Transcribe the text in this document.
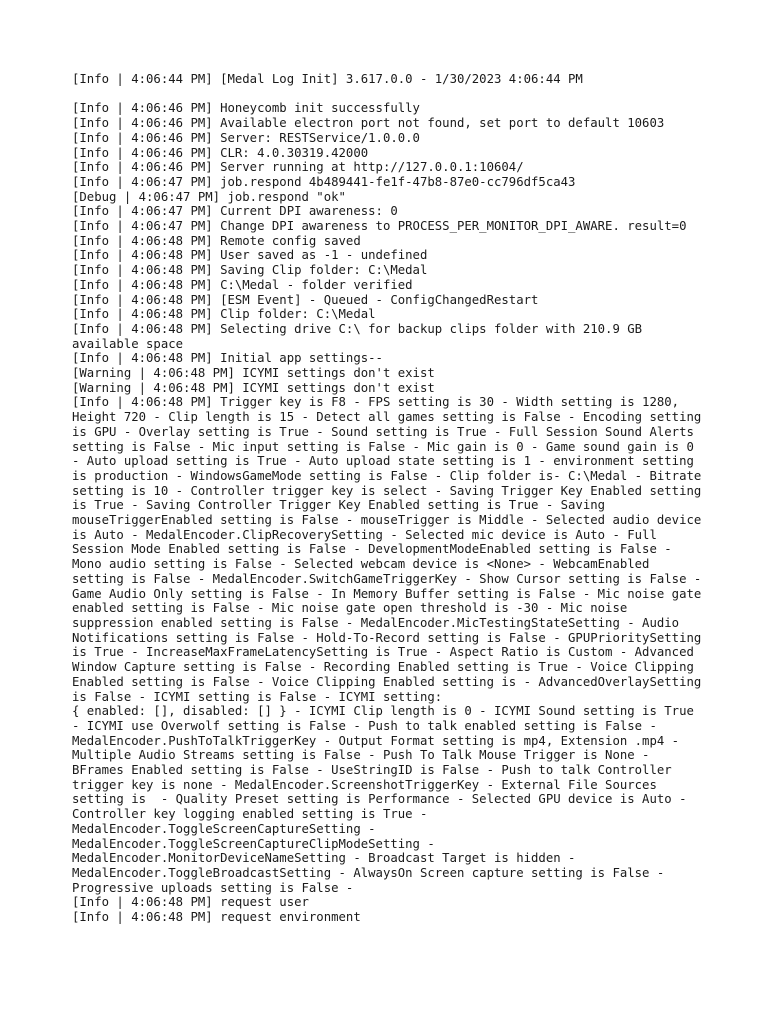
[Info | 4:06:44 PM] [Medal Log Init] 3.617.0.0 - 1/30/2023 4:06:44 PM

[Info | 4:06:46 PM] Honeycomb init successfully

[Info | 4:06:46 PM] Available electron port not found, set port to default 10603

[Info | 4:06:46 PM] Server: RESTService/1.0.0.0

[Info | 4:06:46 PM] CLR: 4.0.30319.42000

[Info | 4:06:46 PM] Server running at http://127.0.0.1:10604/

[Info | 4:06:47 PM] job.respond 4b489441-fe1f-47b8-87e0-cc796df5ca43

[Debug | 4:06:47 PM] job.respond "ok"

[Info | 4:06:47 PM] Current DPI awareness: 0

[Info | 4:06:47 PM] Change DPI awareness to PROCESS_PER_MONITOR_DPI_AWARE. result=0

[Info | 4:06:48 PM] Remote config saved

[Info | 4:06:48 PM] User saved as -1 - undefined

[Info | 4:06:48 PM] Saving Clip folder: C:\Medal

[Info | 4:06:48 PM] C:\Medal - folder verified

[Info | 4:06:48 PM] [ESM Event] - Queued - ConfigChangedRestart

[Info | 4:06:48 PM] Clip folder: C:\Medal

[Info | 4:06:48 PM] Selecting drive C:\ for backup clips folder with 210.9 GB available space

[Info | 4:06:48 PM] Initial app settings--

[Warning | 4:06:48 PM] ICYMI settings don't exist

[Warning | 4:06:48 PM] ICYMI settings don't exist

[Info | 4:06:48 PM] Trigger key is F8 - FPS setting is 30 - Width setting is 1280, Height 720 - Clip length is 15 - Detect all games setting is False - Encoding setting is GPU - Overlay setting is True - Sound setting is True - Full Session Sound Alerts setting is False - Mic input setting is False - Mic gain is 0 - Game sound gain is 0 - Auto upload setting is True - Auto upload state setting is 1 - environment setting is production - WindowsGameMode setting is False - Clip folder is- C:\Medal - Bitrate setting is 10 - Controller trigger key is select - Saving Trigger Key Enabled setting is True - Saving Controller Trigger Key Enabled setting is True - Saving mouseTriggerEnabled setting is False - mouseTrigger is Middle - Selected audio device is Auto - MedalEncoder.ClipRecoverySetting - Selected mic device is Auto - Full Session Mode Enabled setting is False - DevelopmentModeEnabled setting is False - Mono audio setting is False - Selected webcam device is <None> - WebcamEnabled setting is False - MedalEncoder.SwitchGameTriggerKey - Show Cursor setting is False - Game Audio Only setting is False - In Memory Buffer setting is False - Mic noise gate enabled setting is False - Mic noise gate open threshold is -30 - Mic noise suppression enabled setting is False - MedalEncoder.MicTestingStateSetting - Audio Notifications setting is False - Hold-To-Record setting is False - GPUPrioritySetting is True - IncreaseMaxFrameLatencySetting is True - Aspect Ratio is Custom - Advanced Window Capture setting is False - Recording Enabled setting is True - Voice Clipping Enabled setting is False - Voice Clipping Enabled setting is - AdvancedOverlaySetting is False - ICYMI setting is False - ICYMI setting:
{ enabled: [], disabled: [] } - ICYMI Clip length is 0 - ICYMI Sound setting is True - ICYMI use Overwolf setting is False - Push to talk enabled setting is False - MedalEncoder.PushToTalkTriggerKey - Output Format setting is mp4, Extension .mp4 - Multiple Audio Streams setting is False - Push To Talk Mouse Trigger is None - BFrames Enabled setting is False - UseStringID is False - Push to talk Controller trigger key is none - MedalEncoder.ScreenshotTriggerKey - External File Sources setting is  - Quality Preset setting is Performance - Selected GPU device is Auto - Controller key logging enabled setting is True - MedalEncoder.ToggleScreenCaptureSetting - MedalEncoder.ToggleScreenCaptureClipModeSetting - MedalEncoder.MonitorDeviceNameSetting - Broadcast Target is hidden - MedalEncoder.ToggleBroadcastSetting - AlwaysOn Screen capture setting is False - Progressive uploads setting is False -

[Info | 4:06:48 PM] request user

[Info | 4:06:48 PM] request environment
